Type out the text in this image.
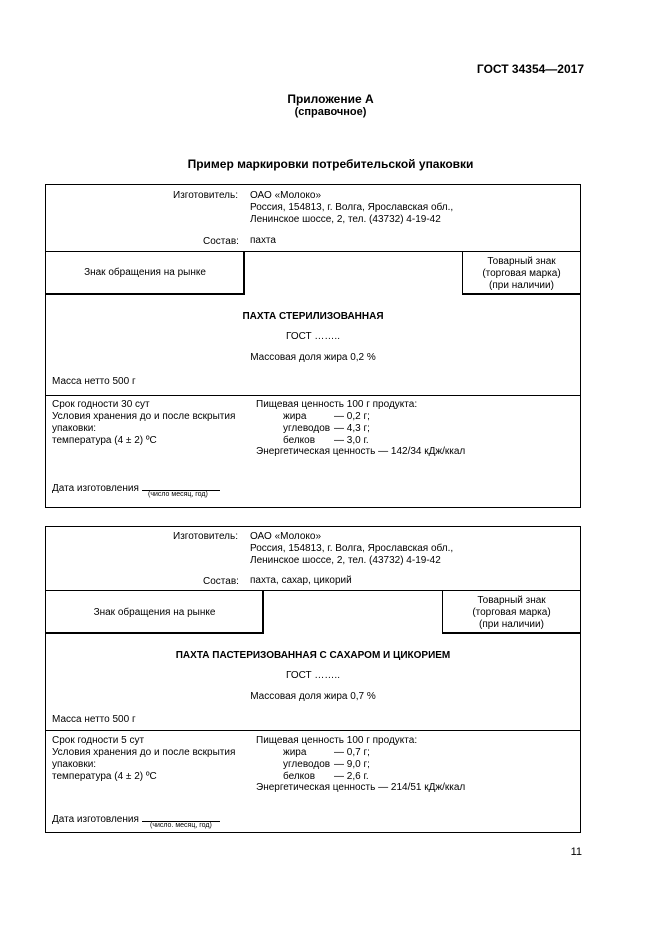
ГОСТ 34354—2017
Приложение А
(справочное)
Пример маркировки потребительской упаковки
Изготовитель: ОАО «Молоко»
Россия, 154813, г. Волга, Ярославская обл.,
Ленинское шоссе, 2, тел. (43732) 4-19-42
Состав: пахта
Знак обращения на рынке
Товарный знак
(торговая марка)
(при наличии)
ПАХТА СТЕРИЛИЗОВАННАЯ
ГОСТ ……..
Массовая доля жира 0,2 %
Масса нетто 500 г
Срок годности 30 сут
Условия хранения до и после вскрытия
упаковки:
температура (4 ± 2) ºС
Пищевая ценность 100 г продукта:
жира	— 0,2 г;
углеводов — 4,3 г;
белков — 3,0 г.
Энергетическая ценность — 142/34 кДж/ккал
Дата изготовления
(число месяц, год)
Изготовитель: ОАО «Молоко»
Россия, 154813, г. Волга, Ярославская обл.,
Ленинское шоссе, 2, тел. (43732) 4-19-42
Состав: пахта, сахар, цикорий
Знак обращения на рынке
Товарный знак
(торговая марка)
(при наличии)
ПАХТА ПАСТЕРИЗОВАННАЯ С САХАРОМ И ЦИКОРИЕМ
ГОСТ ……..
Массовая доля жира 0,7 %
Масса нетто 500 г
Срок годности 5 сут
Условия хранения до и после вскрытия
упаковки:
температура (4 ± 2) ºС
Пищевая ценность 100 г продукта:
жира	— 0,7 г;
углеводов — 9,0 г;
белков — 2,6 г.
Энергетическая ценность — 214/51 кДж/ккал
Дата изготовления
(число. месяц, год)
11
